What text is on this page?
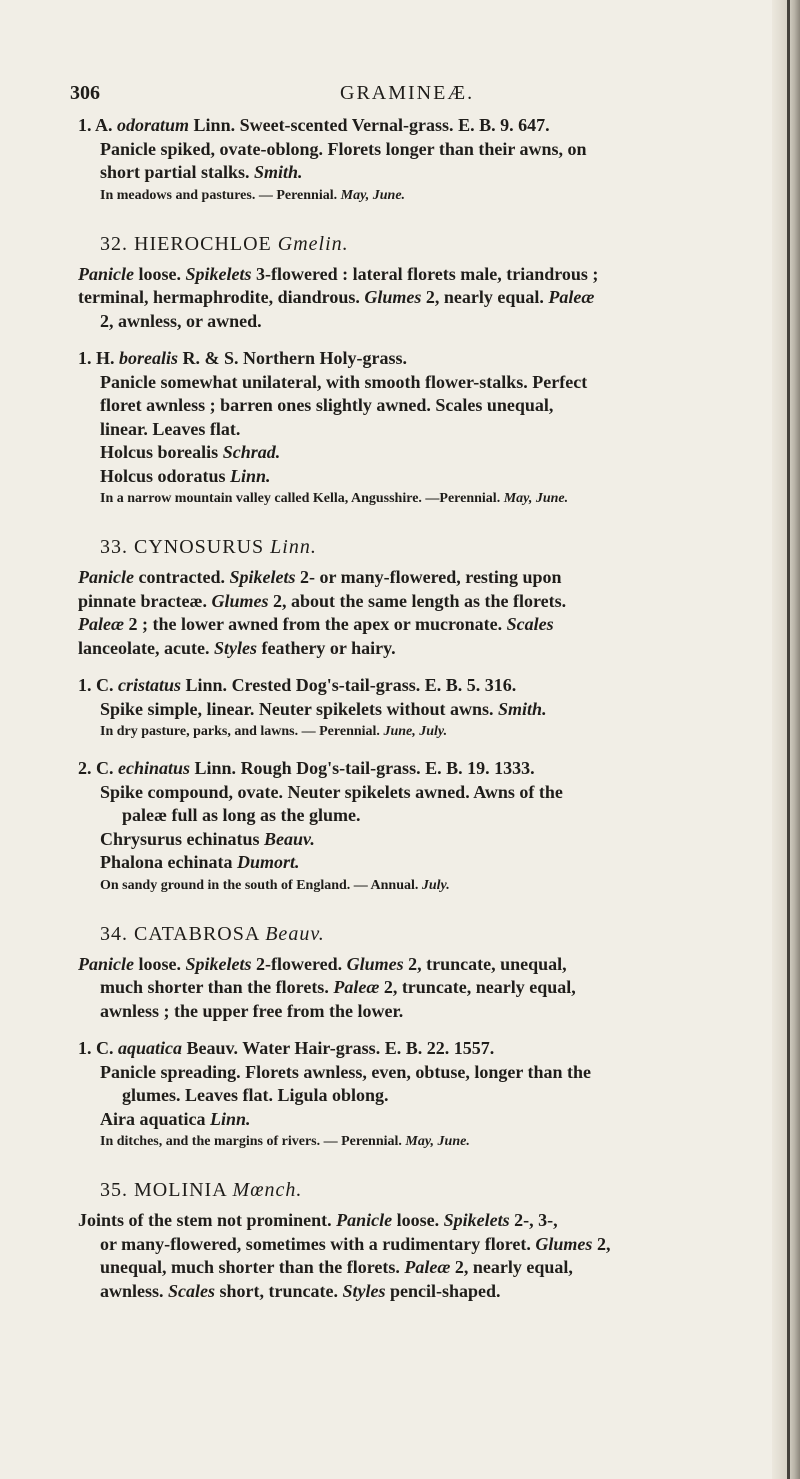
306	GRAMINEÆ.

1. A. odoratum Linn. Sweet-scented Vernal-grass. E. B. 9. 647.

Panicle spiked, ovate-oblong. Florets longer than their awns, on

short partial stalks. Smith.

In meadows and pastures. — Perennial. May, June.

32. HIEROCHLOE Gmelin.

Panicle loose. Spikelets 3-flowered : lateral florets male, triandrous ;

terminal, hermaphrodite, diandrous. Glumes 2, nearly equal. Paleæ

2, awnless, or awned.

1. H. borealis R. & S. Northern Holy-grass.

Panicle somewhat unilateral, with smooth flower-stalks. Perfect

floret awnless ; barren ones slightly awned. Scales unequal,

linear. Leaves flat.

Holcus borealis Schrad.

Holcus odoratus Linn.

In a narrow mountain valley called Kella, Angusshire. —Perennial. May, June.

33. CYNOSURUS Linn.

Panicle contracted. Spikelets 2- or many-flowered, resting upon

pinnate bracteæ. Glumes 2, about the same length as the florets.

Paleæ 2 ; the lower awned from the apex or mucronate. Scales

lanceolate, acute. Styles feathery or hairy.

1. C. cristatus Linn. Crested Dog's-tail-grass. E. B. 5. 316.

Spike simple, linear. Neuter spikelets without awns. Smith.

In dry pasture, parks, and lawns. — Perennial. June, July.

2. C. echinatus Linn. Rough Dog's-tail-grass. E. B. 19. 1333.

Spike compound, ovate. Neuter spikelets awned. Awns of the

paleæ full as long as the glume.

Chrysurus echinatus Beauv.

Phalona echinata Dumort.

On sandy ground in the south of England. — Annual. July.

34. CATABROSA Beauv.

Panicle loose. Spikelets 2-flowered. Glumes 2, truncate, unequal,

much shorter than the florets. Paleæ 2, truncate, nearly equal,

awnless ; the upper free from the lower.

1. C. aquatica Beauv. Water Hair-grass. E. B. 22. 1557.

Panicle spreading. Florets awnless, even, obtuse, longer than the

glumes. Leaves flat. Ligula oblong.

Aira aquatica Linn.

In ditches, and the margins of rivers. — Perennial. May, June.

35. MOLINIA Mœnch.

Joints of the stem not prominent. Panicle loose. Spikelets 2-, 3-,

or many-flowered, sometimes with a rudimentary floret. Glumes 2,

unequal, much shorter than the florets. Paleæ 2, nearly equal,

awnless. Scales short, truncate. Styles pencil-shaped.
